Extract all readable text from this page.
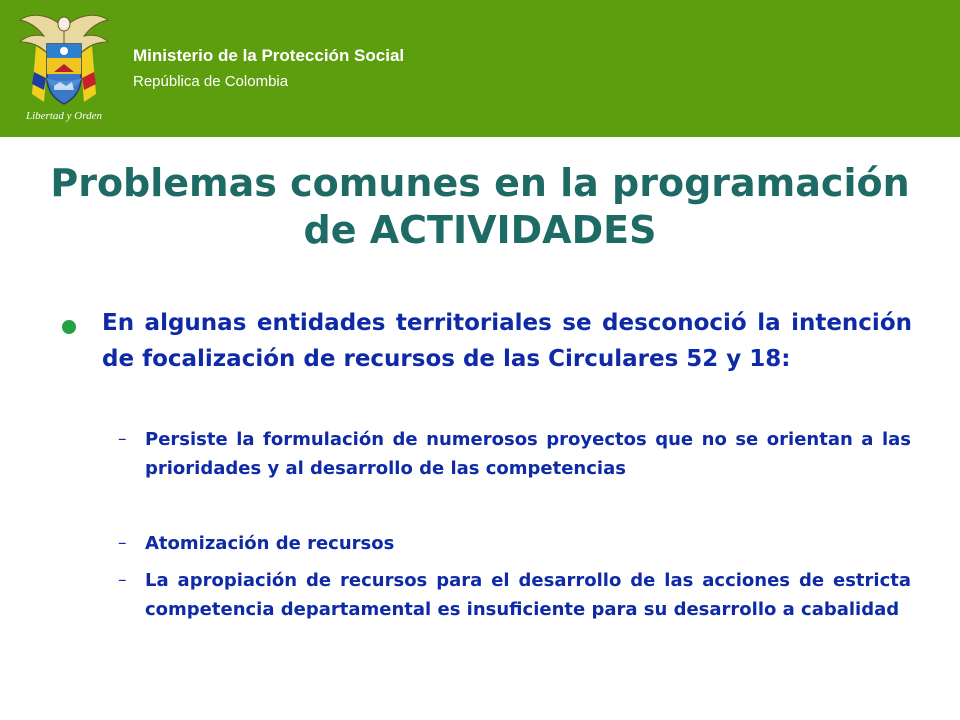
Libertad y Orden
Ministerio de la Protección Social
República de Colombia
Problemas comunes en la programación de ACTIVIDADES
En algunas entidades territoriales se desconoció la intención de focalización de recursos de las Circulares 52 y 18:
– Persiste la formulación de numerosos proyectos que no se orientan a las prioridades y al desarrollo de las competencias
– Atomización de recursos
– La apropiación de recursos para el desarrollo de las acciones de estricta competencia departamental es insuficiente para su desarrollo a cabalidad
